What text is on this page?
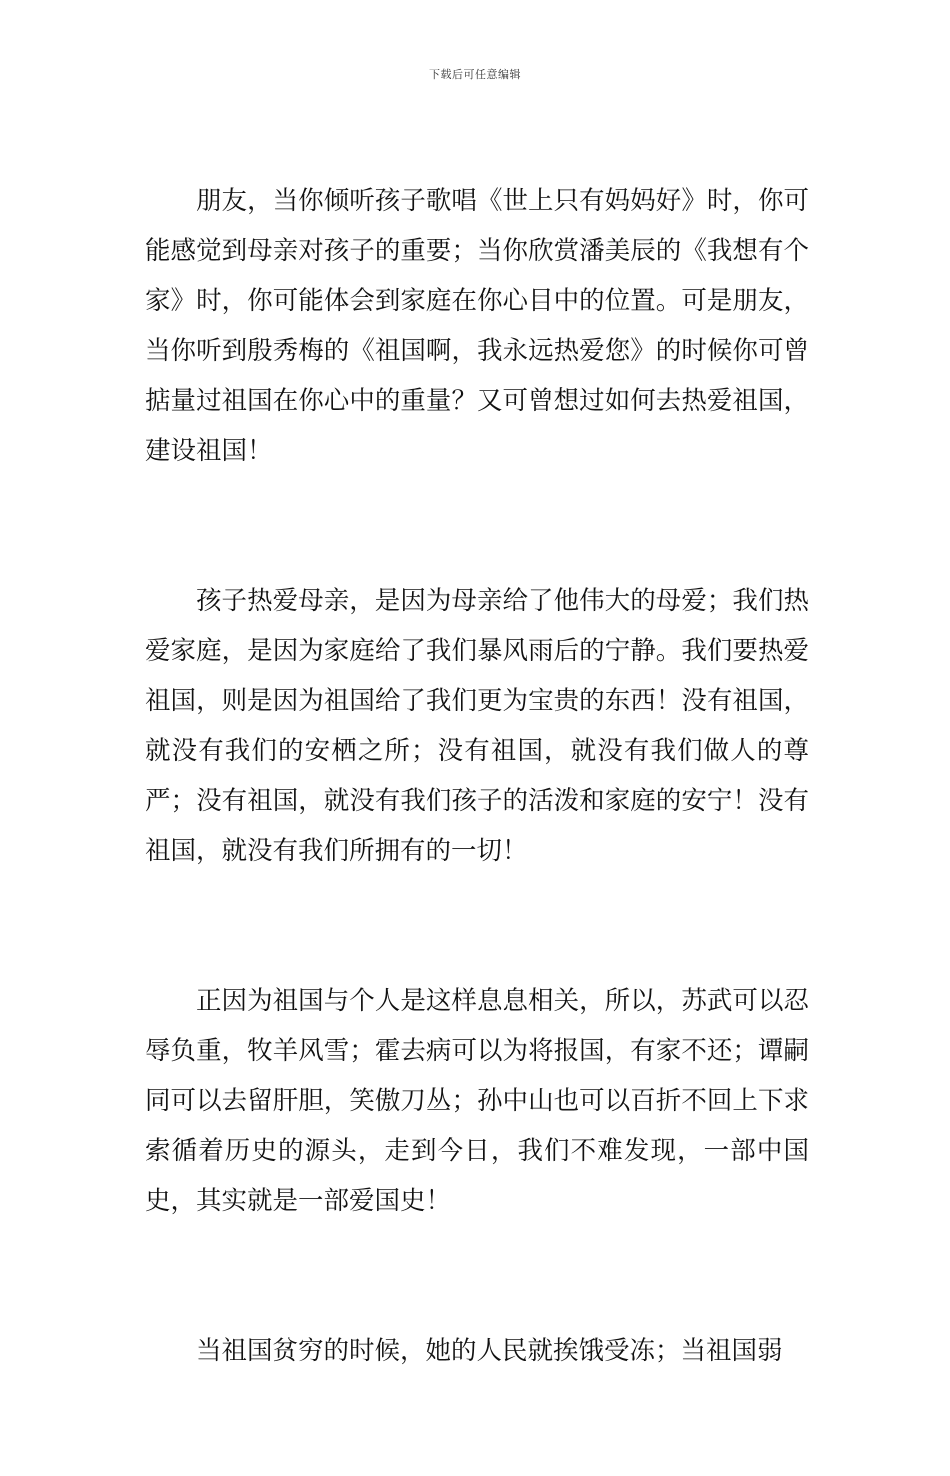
下载后可任意编辑

朋友，当你倾听孩子歌唱《世上只有妈妈好》时，你可能感觉到母亲对孩子的重要；当你欣赏潘美辰的《我想有个家》时，你可能体会到家庭在你心目中的位置。可是朋友，当你听到殷秀梅的《祖国啊，我永远热爱您》的时候你可曾掂量过祖国在你心中的重量？又可曾想过如何去热爱祖国，建设祖国！

孩子热爱母亲，是因为母亲给了他伟大的母爱；我们热爱家庭，是因为家庭给了我们暴风雨后的宁静。我们要热爱祖国，则是因为祖国给了我们更为宝贵的东西！没有祖国，就没有我们的安栖之所；没有祖国，就没有我们做人的尊严；没有祖国，就没有我们孩子的活泼和家庭的安宁！没有祖国，就没有我们所拥有的一切！

正因为祖国与个人是这样息息相关，所以，苏武可以忍辱负重，牧羊风雪；霍去病可以为将报国，有家不还；谭嗣同可以去留肝胆，笑傲刀丛；孙中山也可以百折不回上下求索循着历史的源头，走到今日，我们不难发现，一部中国史，其实就是一部爱国史！

当祖国贫穷的时候，她的人民就挨饿受冻；当祖国弱
